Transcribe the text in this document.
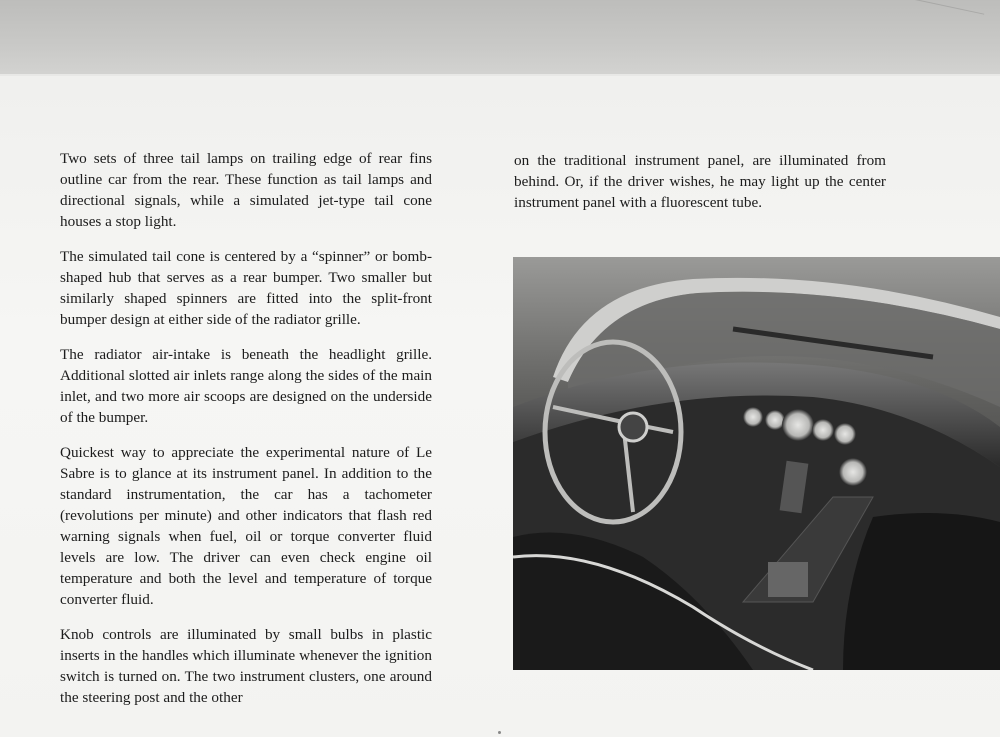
Two sets of three tail lamps on trailing edge of rear fins outline car from the rear. These function as tail lamps and directional signals, while a simulated jet-type tail cone houses a stop light.

The simulated tail cone is centered by a “spinner” or bomb-shaped hub that serves as a rear bumper. Two smaller but similarly shaped spinners are fitted into the split-front bumper design at either side of the radiator grille.

The radiator air-intake is beneath the headlight grille. Additional slotted air inlets range along the sides of the main inlet, and two more air scoops are designed on the underside of the bumper.

Quickest way to appreciate the experimental nature of Le Sabre is to glance at its instrument panel. In addition to the standard instrumentation, the car has a tachometer (revolutions per minute) and other indicators that flash red warning signals when fuel, oil or torque converter fluid levels are low. The driver can even check engine oil temperature and both the level and temperature of torque converter fluid.

Knob controls are illuminated by small bulbs in plastic inserts in the handles which illuminate whenever the ignition switch is turned on. The two instrument clusters, one around the steering post and the other

on the traditional instrument panel, are illuminated from behind. Or, if the driver wishes, he may light up the center instrument panel with a fluorescent tube.
